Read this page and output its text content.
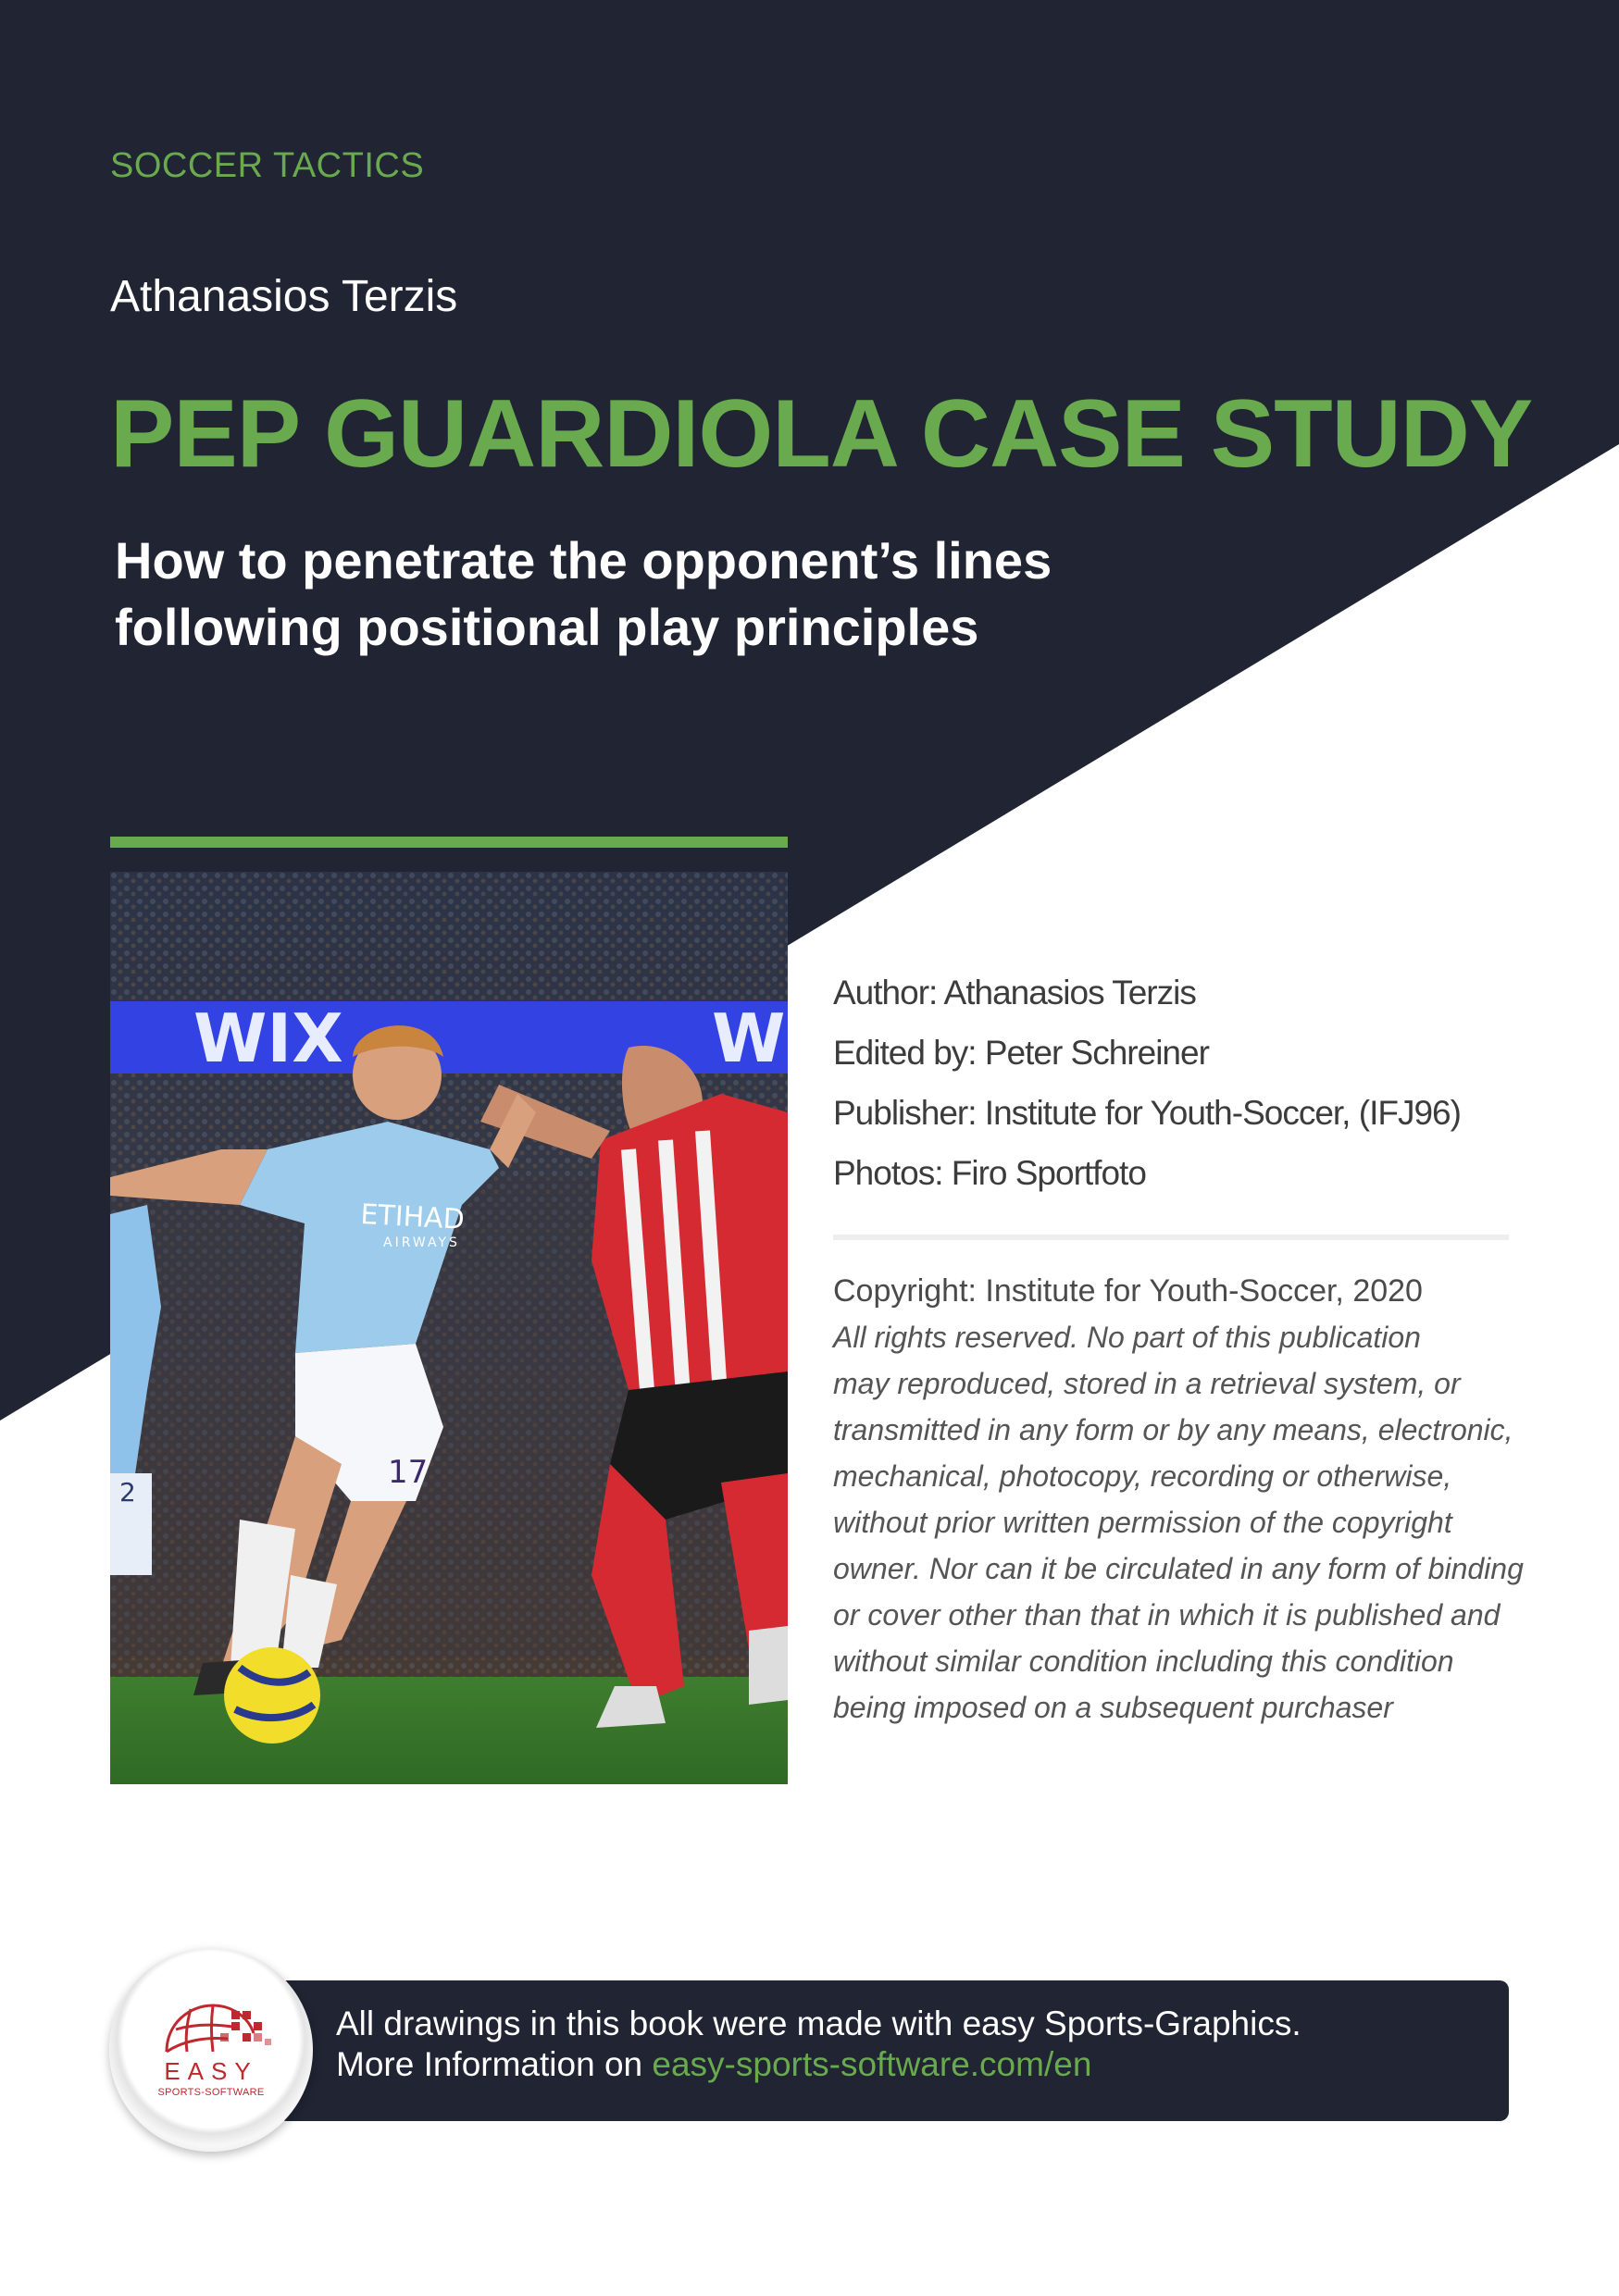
SOCCER TACTICS
Athanasios Terzis
PEP GUARDIOLA CASE STUDY
How to penetrate the opponent’s lines
following positional play principles
WIX	W
ETIHAD
AIRWAYS
17
2
Author: Athanasios Terzis
Edited by: Peter Schreiner
Publisher: Institute for Youth-Soccer, (IFJ96)
Photos: Firo Sportfoto
Copyright: Institute for Youth-Soccer, 2020
All rights reserved. No part of this publication
may reproduced, stored in a retrieval system, or
transmitted in any form or by any means, electronic,
mechanical, photocopy, recording or otherwise,
without prior written permission of the copyright
owner. Nor can it be circulated in any form of binding
or cover other than that in which it is published and
without similar condition including this condition
being imposed on a subsequent purchaser
All drawings in this book were made with easy Sports-Graphics.
More Information on easy-sports-software.com/en
EASY
SPORTS-SOFTWARE
